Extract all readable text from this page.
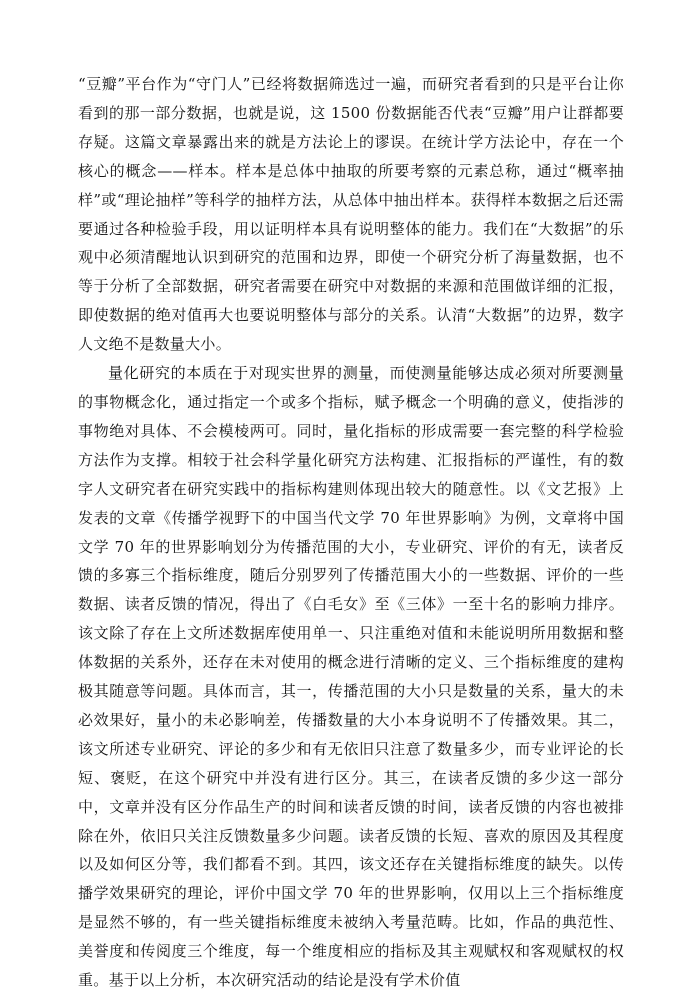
“豆瓣”平台作为“守门人”已经将数据筛选过一遍，而研究者看到的只是平台让你看到的那一部分数据，也就是说，这 1500 份数据能否代表“豆瓣”用户让群都要存疑。这篇文章暴露出来的就是方法论上的谬误。在统计学方法论中，存在一个核心的概念——样本。样本是总体中抽取的所要考察的元素总称，通过“概率抽样”或“理论抽样”等科学的抽样方法，从总体中抽出样本。获得样本数据之后还需要通过各种检验手段，用以证明样本具有说明整体的能力。我们在“大数据”的乐观中必须清醒地认识到研究的范围和边界，即使一个研究分析了海量数据，也不等于分析了全部数据，研究者需要在研究中对数据的来源和范围做详细的汇报，即使数据的绝对值再大也要说明整体与部分的关系。认清“大数据”的边界，数字人文绝不是数量大小。

量化研究的本质在于对现实世界的测量，而使测量能够达成必须对所要测量的事物概念化，通过指定一个或多个指标，赋予概念一个明确的意义，使指涉的事物绝对具体、不会模棱两可。同时，量化指标的形成需要一套完整的科学检验方法作为支撑。相较于社会科学量化研究方法构建、汇报指标的严谨性，有的数字人文研究者在研究实践中的指标构建则体现出较大的随意性。以《文艺报》上发表的文章《传播学视野下的中国当代文学 70 年世界影响》为例，文章将中国文学 70 年的世界影响划分为传播范围的大小，专业研究、评价的有无，读者反馈的多寡三个指标维度，随后分别罗列了传播范围大小的一些数据、评价的一些数据、读者反馈的情况，得出了《白毛女》至《三体》一至十名的影响力排序。该文除了存在上文所述数据库使用单一、只注重绝对值和未能说明所用数据和整体数据的关系外，还存在未对使用的概念进行清晰的定义、三个指标维度的建构极其随意等问题。具体而言，其一，传播范围的大小只是数量的关系，量大的未必效果好，量小的未必影响差，传播数量的大小本身说明不了传播效果。其二，该文所述专业研究、评论的多少和有无依旧只注意了数量多少，而专业评论的长短、褒贬，在这个研究中并没有进行区分。其三，在读者反馈的多少这一部分中，文章并没有区分作品生产的时间和读者反馈的时间，读者反馈的内容也被排除在外，依旧只关注反馈数量多少问题。读者反馈的长短、喜欢的原因及其程度以及如何区分等，我们都看不到。其四，该文还存在关键指标维度的缺失。以传播学效果研究的理论，评价中国文学 70 年的世界影响，仅用以上三个指标维度是显然不够的，有一些关键指标维度未被纳入考量范畴。比如，作品的典范性、美誉度和传阅度三个维度，每一个维度相应的指标及其主观赋权和客观赋权的权重。基于以上分析，本次研究活动的结论是没有学术价值
